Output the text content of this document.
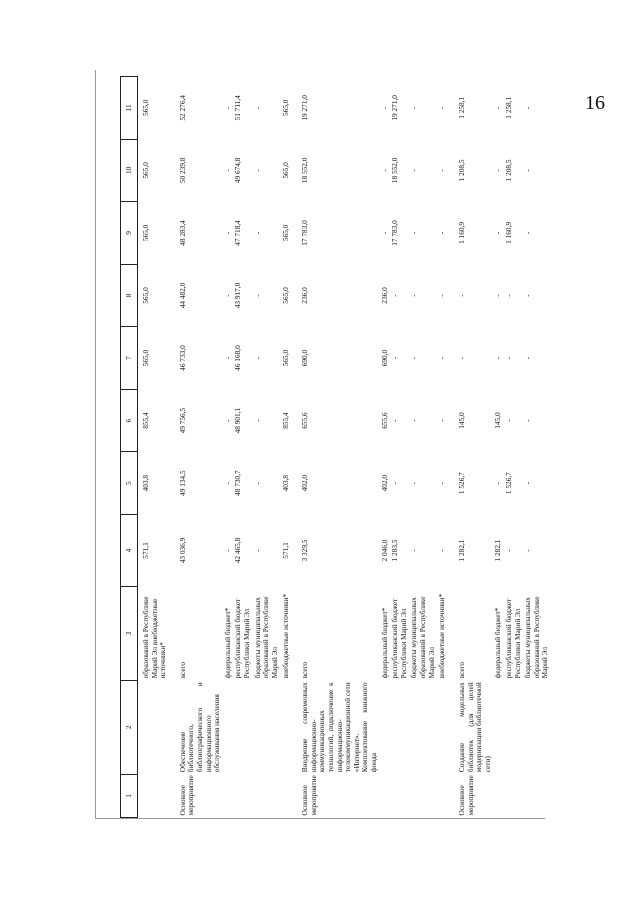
16
1	2	3	4	5	6	7	8	9	10	11
		образований в Республике Марий Эл внебюджетные источники*	571,1	403,8	855,4	565,0	565,0	565,0	565,0	565,0
Основное мероприятие	Обеспечение библиотечного, библиографического и информационного обслуживания населения	всего	43 036,9	49 134,5	49 756,5	46 733,0	44 482,0	48 283,4	50 239,8	52 276,4
		федеральный бюджет*	-	-	-	-	-	-	-	-
		республиканский бюджет Республики Марий Эл	42 465,8	48 730,7	48 901,1	46 168,0	43 917,0	47 718,4	49 674,8	51 711,4
		бюджеты муниципальных образований в Республике Марий Эл	-	-	-	-	-	-	-	-
		внебюджетные источники*	571,1	403,8	855,4	565,0	565,0	565,0	565,0	565,0
Основное мероприятие	Внедрение современных информационно-коммуникационных технологий, подключение к информационно-телекоммуникационной сети «Интернет». Комплектование книжного фонда	всего	3 329,5	402,0	655,6	690,0	236,0	17 783,0	18 552,0	19 271,0
		федеральный бюджет*	2 046,0	402,0	655,6	690,0	236,0	-	-	-
		республиканский бюджет Республики Марий Эл	1 283,5	-	-	-	-	17 783,0	18 552,0	19 271,0
		бюджеты муниципальных образований в Республике Марий Эл	-	-	-	-	-	-	-	-
		внебюджетные источники*	-	-	-	-	-	-	-	-
Основное мероприятие	Создание модельных библиотек (для целей модернизации библиотечной сети)	всего	1 282,1	1 526,7	145,0	-	-	1 160,9	1 208,5	1 258,1
		федеральный бюджет*	1 282,1	-	145,0	-	-	-	-	-
		республиканский бюджет Республики Марий Эл	-	1 526,7	-	-	-	1 160,9	1 208,5	1 258,1
		бюджеты муниципальных образований в Республике Марий Эл	-	-	-	-	-	-	-	-
